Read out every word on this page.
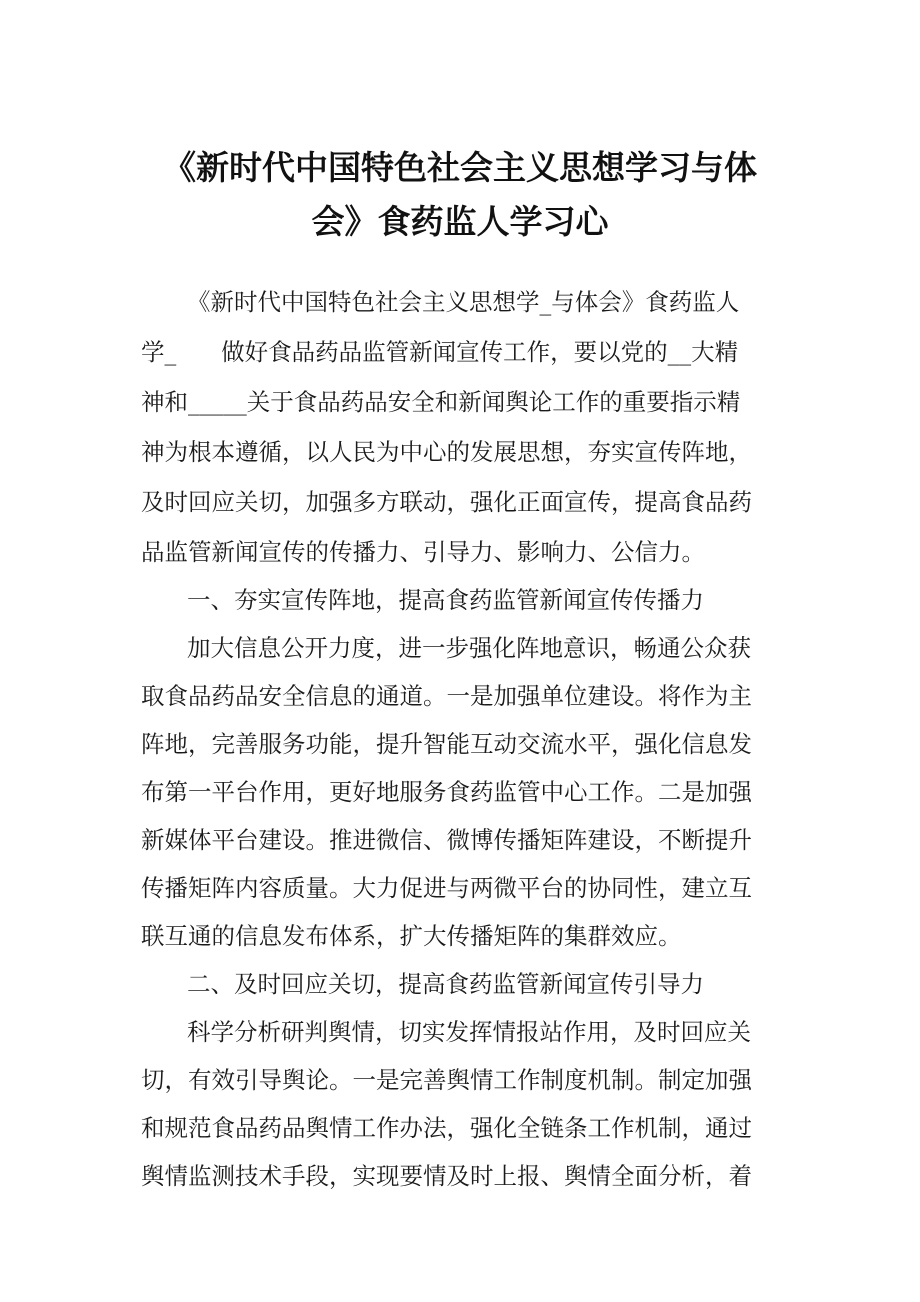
《新时代中国特色社会主义思想学习与体
会》食药监人学习心
《新时代中国特色社会主义思想学_与体会》食药监人
学_      做好食品药品监管新闻宣传工作，要以党的__大精
神和_____关于食品药品安全和新闻舆论工作的重要指示精
神为根本遵循，以人民为中心的发展思想，夯实宣传阵地，
及时回应关切，加强多方联动，强化正面宣传，提高食品药
品监管新闻宣传的传播力、引导力、影响力、公信力。
一、夯实宣传阵地，提高食药监管新闻宣传传播力
加大信息公开力度，进一步强化阵地意识，畅通公众获
取食品药品安全信息的通道。一是加强单位建设。将作为主
阵地，完善服务功能，提升智能互动交流水平，强化信息发
布第一平台作用，更好地服务食药监管中心工作。二是加强
新媒体平台建设。推进微信、微博传播矩阵建设，不断提升
传播矩阵内容质量。大力促进与两微平台的协同性，建立互
联互通的信息发布体系，扩大传播矩阵的集群效应。
二、及时回应关切，提高食药监管新闻宣传引导力
科学分析研判舆情，切实发挥情报站作用，及时回应关
切，有效引导舆论。一是完善舆情工作制度机制。制定加强
和规范食品药品舆情工作办法，强化全链条工作机制，通过
舆情监测技术手段，实现要情及时上报、舆情全面分析，着
